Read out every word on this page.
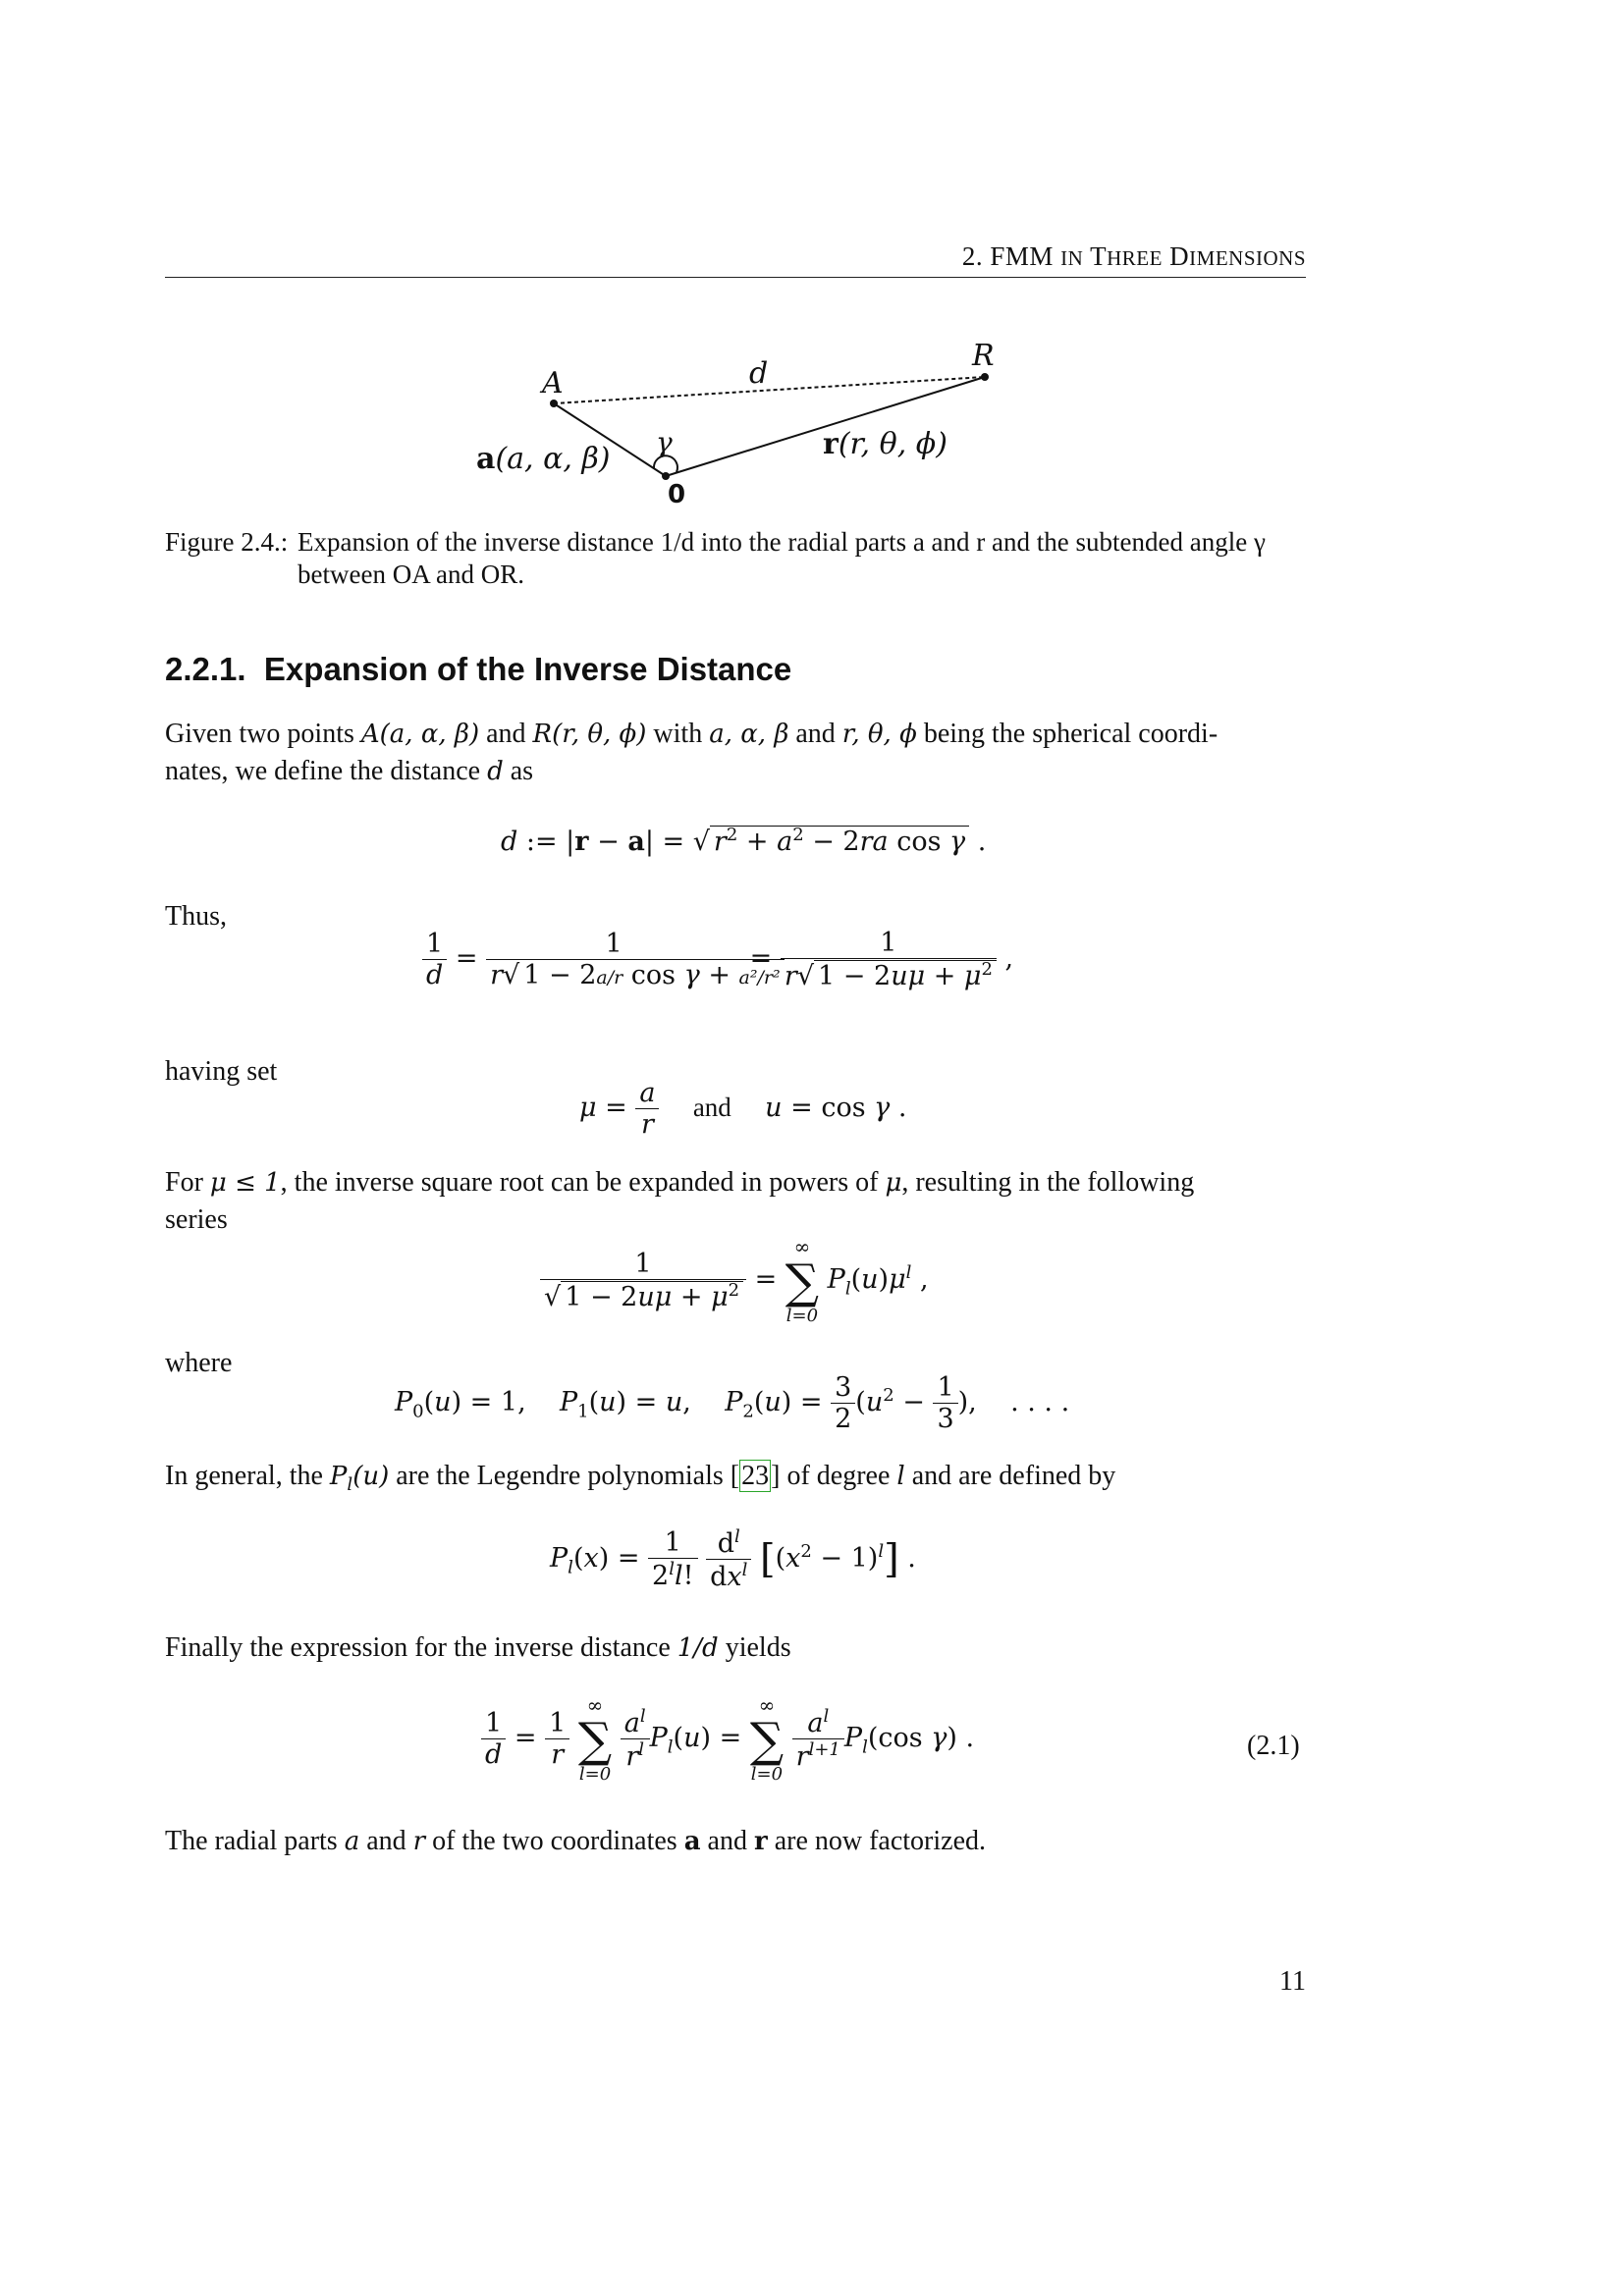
2. FMM IN THREE DIMENSIONS
A
R
d
γ
0
a(a, α, β)	r(r, θ, ϕ)
Figure 2.4.: Expansion of the inverse distance 1/d into the radial parts a and r and the subtended angle γ between OA and OR.
2.2.1. Expansion of the Inverse Distance
Given two points A(a, α, β) and R(r, θ, ϕ) with a, α, β and r, θ, ϕ being the spherical coordi-
nates, we define the distance d as
d := |r − a| = √ $r^2 + a^2 - 2ra$ cos γ .
Thus,
$\frac{1}{d} = \frac{1}{\text{r√ 1 − 2a/r cos γ + a²/r²}} = \frac{1}{r√ 1 - 2u\mu + \mu^2}$ ,
having set
$\mu = \frac{a}{r}$ and u = cos γ .
For μ ≤ 1, the inverse square root can be expanded in powers of μ, resulting in the following
series
$\frac{1}{√ 1 - 2u\mu + \mu^2}$ =
∞
∑
l=0
$P_l(u)\mu^l$ ,
where
$P_0(u) = 1$,    $P_1(u) = u$,    $P_2(u) = \frac{3}{2} (u^2 - \frac{1}{3}$ ),    . . . .
In general, the $P_l(u)$ are the Legendre polynomials [23] of degree l and are defined by
$P_l(x) = \frac{1}{2^ll!}$
$\frac{d^l}{dx^l} [(x^2 - 1)^l]$ .
Finally the expression for the inverse distance 1/d yields
$\frac{1}{d} = \frac{1}{r}$

∞
∑
l=0

$\frac{a^l}{r^l} P_l(u)$ =
∞
∑
l=0

$\frac{a^l}{r^{l+1}} P_l(\cos$ γ) .	(2.1)
The radial parts a and r of the two coordinates a and r are now factorized.
11
